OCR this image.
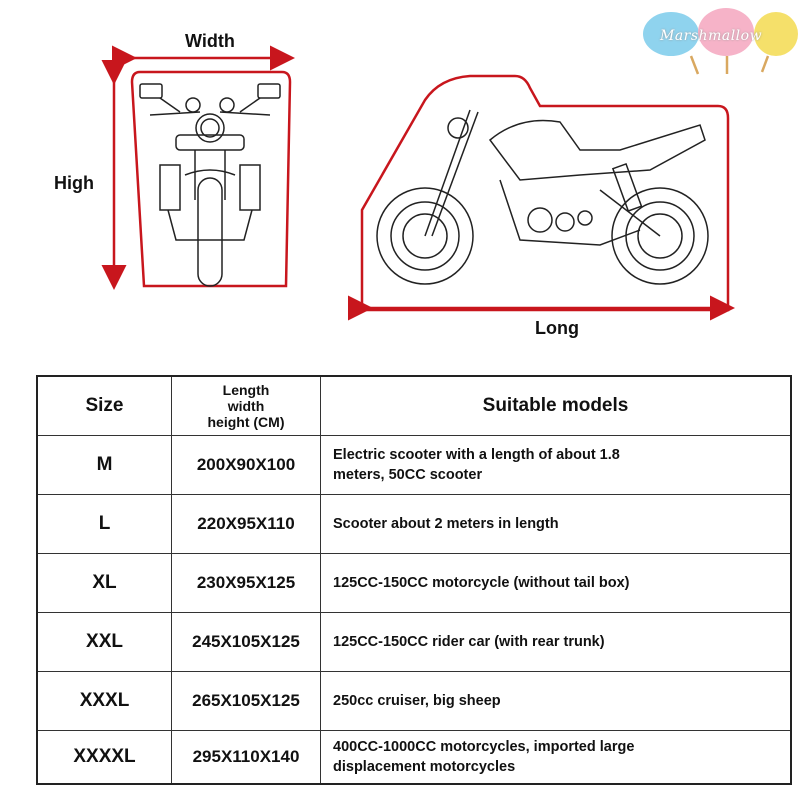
Marshmallow
Width
High
Long
Size	Length
width
height (CM)	Suitable models
M	200X90X100	Electric scooter with a length of about 1.8 meters, 50CC scooter

L	220X95X110	Scooter about 2 meters in length
XL	230X95X125	125CC-150CC motorcycle (without tail box)
XXL	245X105X125	125CC-150CC rider car (with rear trunk)
XXXL	265X105X125	250cc cruiser, big sheep
XXXXL	295X110X140	400CC-1000CC motorcycles, imported large displacement motorcycles
